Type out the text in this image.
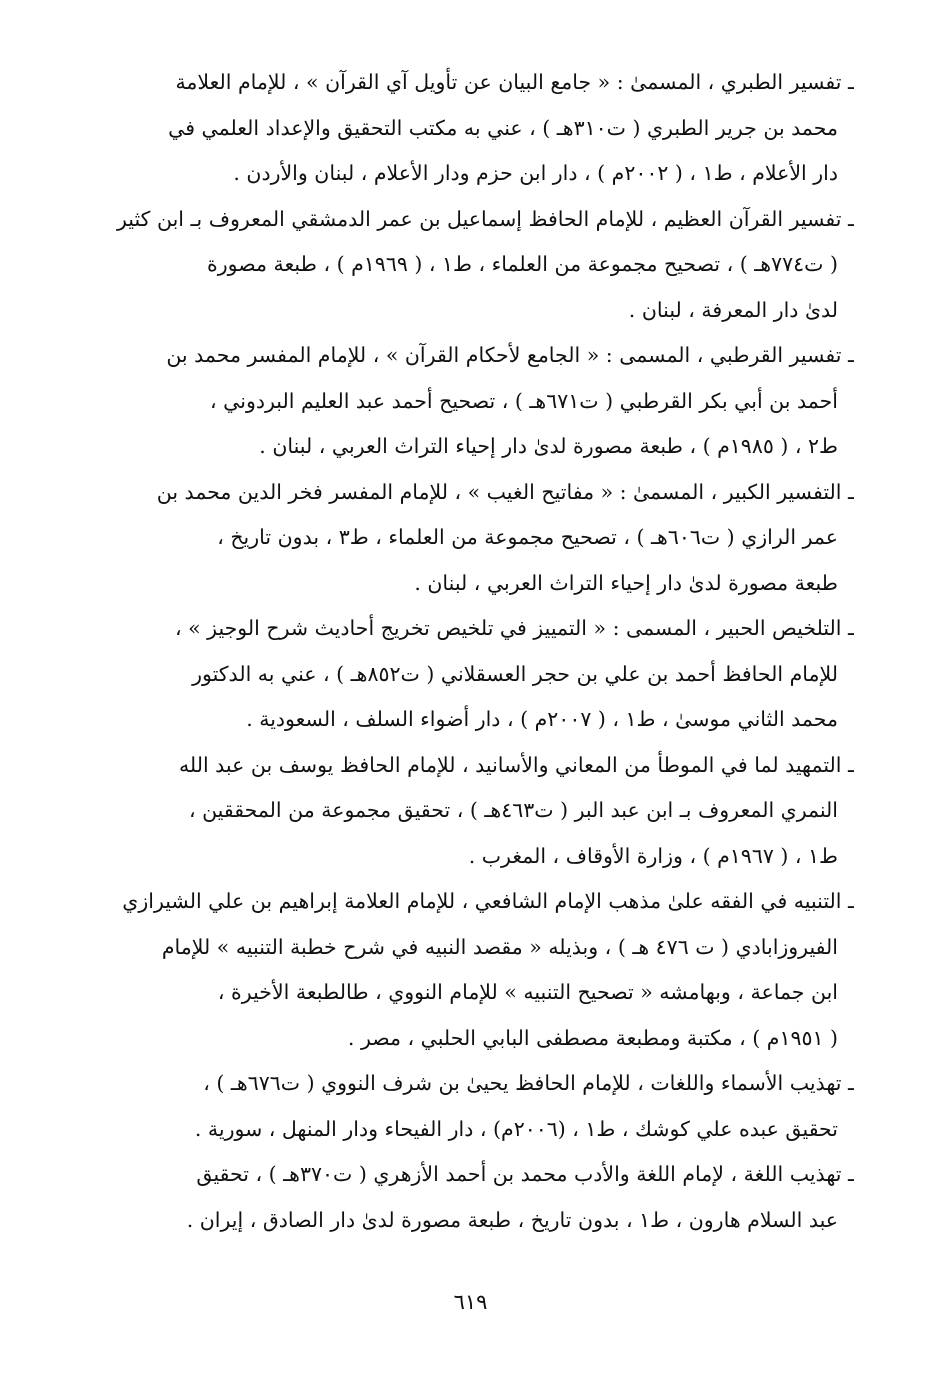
ـ تفسير الطبري ، المسمىٰ : « جامع البيان عن تأويل آي القرآن » ، للإمام العلامة
محمد بن جرير الطبري ( ت٣١٠هـ ) ، عني به مكتب التحقيق والإعداد العلمي في
دار الأعلام ، ط١ ، ( ٢٠٠٢م ) ، دار ابن حزم ودار الأعلام ، لبنان والأردن .
ـ تفسير القرآن العظيم ، للإمام الحافظ إسماعيل بن عمر الدمشقي المعروف بـ ابن كثير
( ت٧٧٤هـ ) ، تصحيح مجموعة من العلماء ، ط١ ، ( ١٩٦٩م ) ، طبعة مصورة
لدىٰ دار المعرفة ، لبنان .
ـ تفسير القرطبي ، المسمى : « الجامع لأحكام القرآن » ، للإمام المفسر محمد بن
أحمد بن أبي بكر القرطبي ( ت٦٧١هـ ) ، تصحيح أحمد عبد العليم البردوني ،
ط٢ ، ( ١٩٨٥م ) ، طبعة مصورة لدىٰ دار إحياء التراث العربي ، لبنان .
ـ التفسير الكبير ، المسمىٰ : « مفاتيح الغيب » ، للإمام المفسر فخر الدين محمد بن
عمر الرازي ( ت٦٠٦هـ ) ، تصحيح مجموعة من العلماء ، ط٣ ، بدون تاريخ ،
طبعة مصورة لدىٰ دار إحياء التراث العربي ، لبنان .
ـ التلخيص الحبير ، المسمى : « التمييز في تلخيص تخريج أحاديث شرح الوجيز » ،
للإمام الحافظ أحمد بن علي بن حجر العسقلاني ( ت٨٥٢هـ ) ، عني به الدكتور
محمد الثاني موسىٰ ، ط١ ، ( ٢٠٠٧م ) ، دار أضواء السلف ، السعودية .
ـ التمهيد لما في الموطأ من المعاني والأسانيد ، للإمام الحافظ يوسف بن عبد الله
النمري المعروف بـ ابن عبد البر ( ت٤٦٣هـ ) ، تحقيق مجموعة من المحققين ،
ط١ ، ( ١٩٦٧م ) ، وزارة الأوقاف ، المغرب .
ـ التنبيه في الفقه علىٰ مذهب الإمام الشافعي ، للإمام العلامة إبراهيم بن علي الشيرازي
الفيروزابادي ( ت ٤٧٦ هـ ) ، وبذيله « مقصد النبيه في شرح خطبة التنبيه » للإمام
ابن جماعة ، وبهامشه « تصحيح التنبيه » للإمام النووي ، طالطبعة الأخيرة ،
( ١٩٥١م ) ، مكتبة ومطبعة مصطفى البابي الحلبي ، مصر .
ـ تهذيب الأسماء واللغات ، للإمام الحافظ يحيىٰ بن شرف النووي ( ت٦٧٦هـ ) ،
تحقيق عبده علي كوشك ، ط١ ، (٢٠٠٦م) ، دار الفيحاء ودار المنهل ، سورية .
ـ تهذيب اللغة ، لإمام اللغة والأدب محمد بن أحمد الأزهري ( ت٣٧٠هـ ) ، تحقيق
عبد السلام هارون ، ط١ ، بدون تاريخ ، طبعة مصورة لدىٰ دار الصادق ، إيران .
٦١٩
